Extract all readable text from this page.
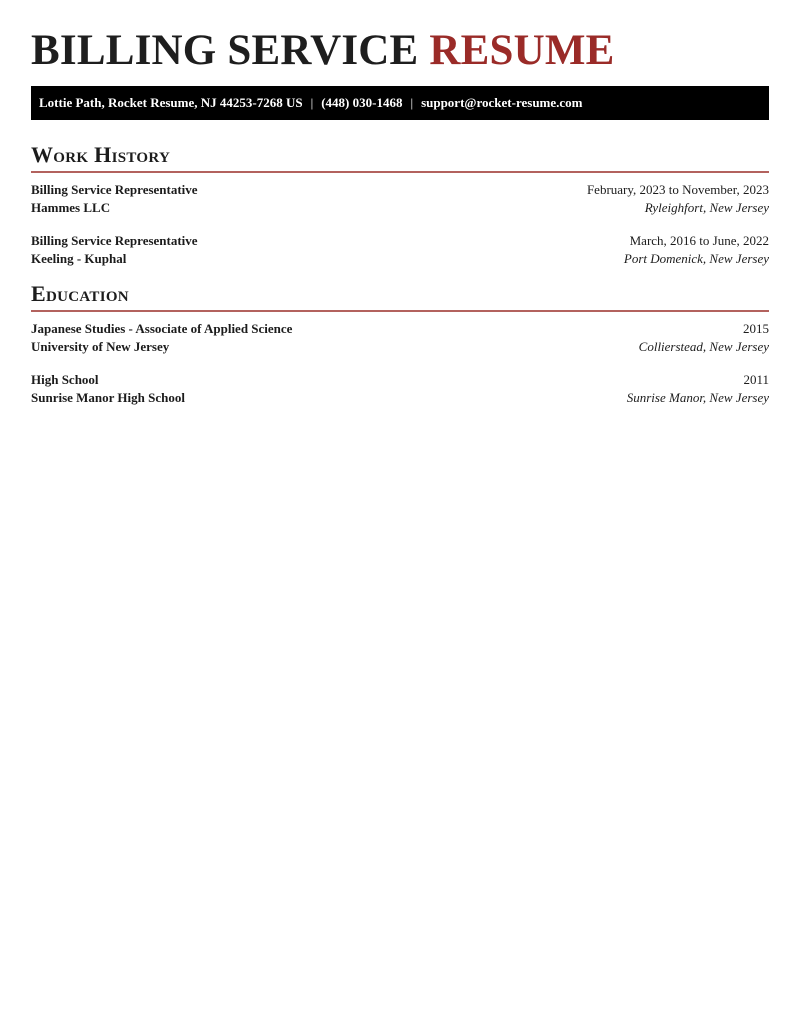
BILLING SERVICE RESUME
Lottie Path, Rocket Resume, NJ 44253-7268 US | (448) 030-1468 | support@rocket-resume.com
Work History
Billing Service Representative	February, 2023 to November, 2023
Hammes LLC	Ryleighfort, New Jersey
Billing Service Representative	March, 2016 to June, 2022
Keeling - Kuphal	Port Domenick, New Jersey
Education
Japanese Studies - Associate of Applied Science	2015
University of New Jersey	Collierstead, New Jersey
High School	2011
Sunrise Manor High School	Sunrise Manor, New Jersey
